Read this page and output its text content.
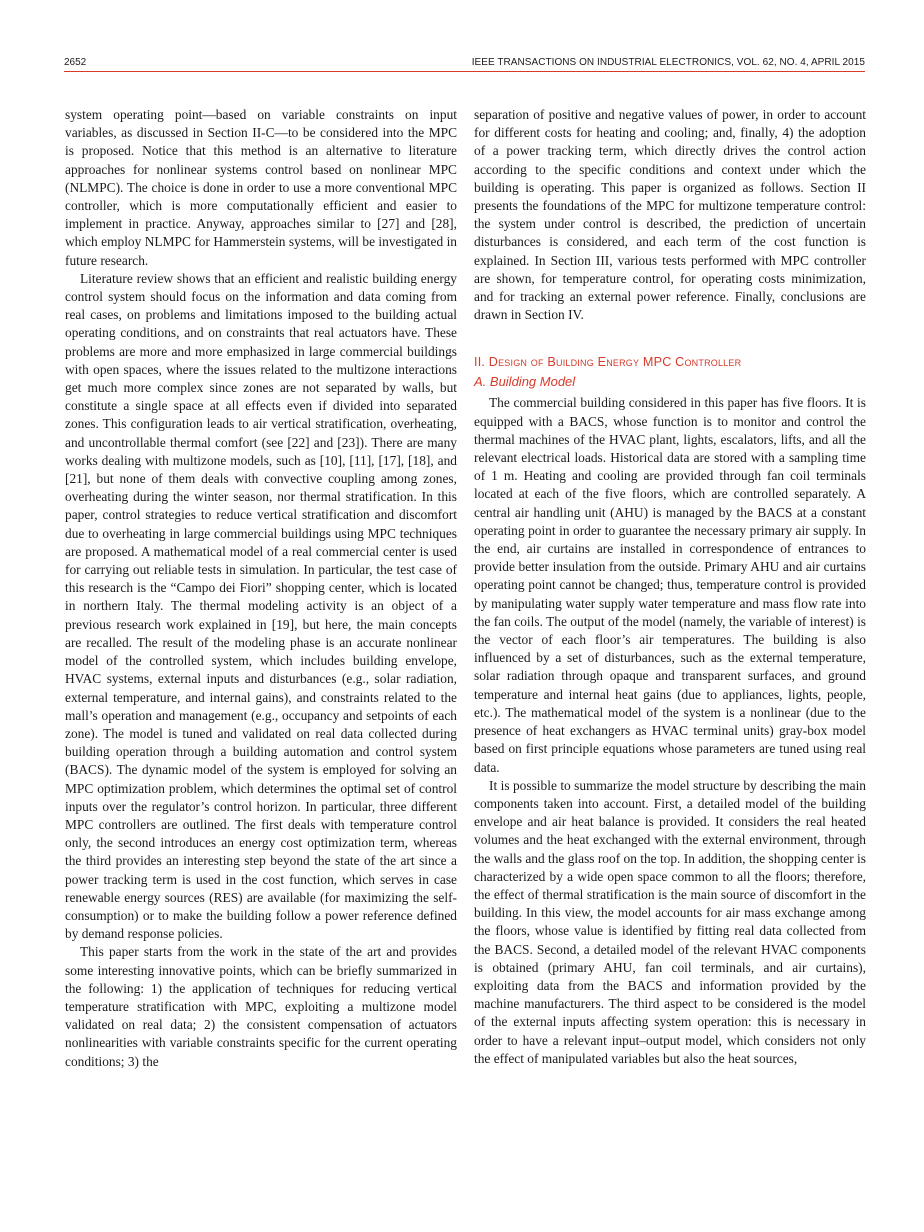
2652	IEEE TRANSACTIONS ON INDUSTRIAL ELECTRONICS, VOL. 62, NO. 4, APRIL 2015

system operating point—based on variable constraints on input variables, as discussed in Section II-C—to be considered into the MPC is proposed. Notice that this method is an alternative to literature approaches for nonlinear systems control based on nonlinear MPC (NLMPC). The choice is done in order to use a more conventional MPC controller, which is more computationally efficient and easier to implement in practice. Anyway, approaches similar to [27] and [28], which employ NLMPC for Hammerstein systems, will be investigated in future research.

Literature review shows that an efficient and realistic building energy control system should focus on the information and data coming from real cases, on problems and limitations imposed to the building actual operating conditions, and on constraints that real actuators have. These problems are more and more emphasized in large commercial buildings with open spaces, where the issues related to the multizone interactions get much more complex since zones are not separated by walls, but constitute a single space at all effects even if divided into separated zones. This configuration leads to air vertical stratification, overheating, and uncontrollable thermal comfort (see [22] and [23]). There are many works dealing with multizone models, such as [10], [11], [17], [18], and [21], but none of them deals with convective coupling among zones, overheating during the winter season, nor thermal stratification. In this paper, control strategies to reduce vertical stratification and discomfort due to overheating in large commercial buildings using MPC techniques are proposed. A mathematical model of a real commercial center is used for carrying out reliable tests in simulation. In particular, the test case of this research is the “Campo dei Fiori” shopping center, which is located in northern Italy. The thermal modeling activity is an object of a previous research work explained in [19], but here, the main concepts are recalled. The result of the modeling phase is an accurate nonlinear model of the controlled system, which includes building envelope, HVAC systems, external inputs and disturbances (e.g., solar radiation, external temperature, and internal gains), and constraints related to the mall’s operation and management (e.g., occupancy and setpoints of each zone). The model is tuned and validated on real data collected during building operation through a building automation and control system (BACS). The dynamic model of the system is employed for solving an MPC optimization problem, which determines the optimal set of control inputs over the regulator’s control horizon. In particular, three different MPC controllers are outlined. The first deals with temperature control only, the second introduces an energy cost optimization term, whereas the third provides an interesting step beyond the state of the art since a power tracking term is used in the cost function, which serves in case renewable energy sources (RES) are available (for maximizing the self-consumption) or to make the building follow a power reference defined by demand response policies.

This paper starts from the work in the state of the art and provides some interesting innovative points, which can be briefly summarized in the following: 1) the application of techniques for reducing vertical temperature stratification with MPC, exploiting a multizone model validated on real data; 2) the consistent compensation of actuators nonlinearities with variable constraints specific for the current operating conditions; 3) the

separation of positive and negative values of power, in order to account for different costs for heating and cooling; and, finally, 4) the adoption of a power tracking term, which directly drives the control action according to the specific conditions and context under which the building is operating. This paper is organized as follows. Section II presents the foundations of the MPC for multizone temperature control: the system under control is described, the prediction of uncertain disturbances is considered, and each term of the cost function is explained. In Section III, various tests performed with MPC controller are shown, for temperature control, for operating costs minimization, and for tracking an external power reference. Finally, conclusions are drawn in Section IV.

II. Design of Building Energy MPC Controller
A. Building Model

The commercial building considered in this paper has five floors. It is equipped with a BACS, whose function is to monitor and control the thermal machines of the HVAC plant, lights, escalators, lifts, and all the relevant electrical loads. Historical data are stored with a sampling time of 1 m. Heating and cooling are provided through fan coil terminals located at each of the five floors, which are controlled separately. A central air handling unit (AHU) is managed by the BACS at a constant operating point in order to guarantee the necessary primary air supply. In the end, air curtains are installed in correspondence of entrances to provide better insulation from the outside. Primary AHU and air curtains operating point cannot be changed; thus, temperature control is provided by manipulating water supply water temperature and mass flow rate into the fan coils. The output of the model (namely, the variable of interest) is the vector of each floor’s air temperatures. The building is also influenced by a set of disturbances, such as the external temperature, solar radiation through opaque and transparent surfaces, and ground temperature and internal heat gains (due to appliances, lights, people, etc.). The mathematical model of the system is a nonlinear (due to the presence of heat exchangers as HVAC terminal units) gray-box model based on first principle equations whose parameters are tuned using real data.

It is possible to summarize the model structure by describing the main components taken into account. First, a detailed model of the building envelope and air heat balance is provided. It considers the real heated volumes and the heat exchanged with the external environment, through the walls and the glass roof on the top. In addition, the shopping center is characterized by a wide open space common to all the floors; therefore, the effect of thermal stratification is the main source of discomfort in the building. In this view, the model accounts for air mass exchange among the floors, whose value is identified by fitting real data collected from the BACS. Second, a detailed model of the relevant HVAC components is obtained (primary AHU, fan coil terminals, and air curtains), exploiting data from the BACS and information provided by the machine manufacturers. The third aspect to be considered is the model of the external inputs affecting system operation: this is necessary in order to have a relevant input–output model, which considers not only the effect of manipulated variables but also the heat sources,
